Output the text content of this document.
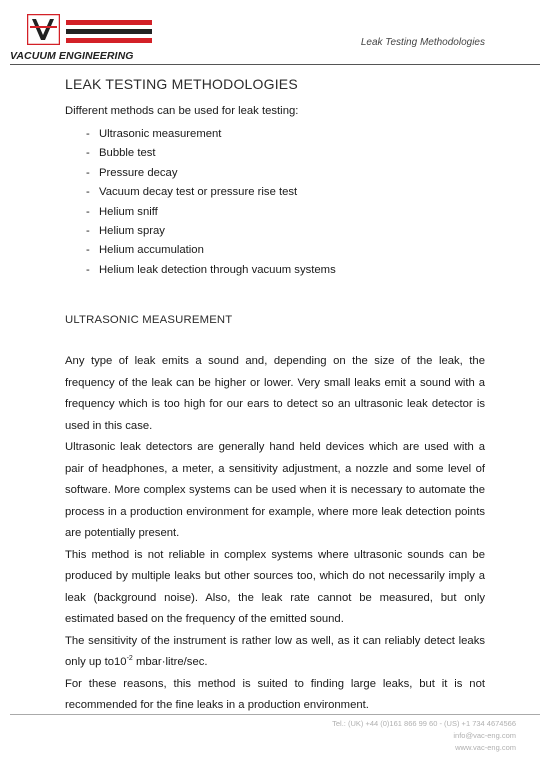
VACUUM ENGINEERING
Leak Testing Methodologies
LEAK TESTING METHODOLOGIES

Different methods can be used for leak testing:

- Ultrasonic measurement
- Bubble test
- Pressure decay
- Vacuum decay test or pressure rise test
- Helium sniff
- Helium spray
- Helium accumulation
- Helium leak detection through vacuum systems
ULTRASONIC MEASUREMENT

Any type of leak emits a sound and, depending on the size of the leak, the frequency of the leak can be higher or lower. Very small leaks emit a sound with a frequency which is too high for our ears to detect so an ultrasonic leak detector is used in this case.

Ultrasonic leak detectors are generally hand held devices which are used with a pair of headphones, a meter, a sensitivity adjustment, a nozzle and some level of software. More complex systems can be used when it is necessary to automate the process in a production environment for example, where more leak detection points are potentially present.

This method is not reliable in complex systems where ultrasonic sounds can be produced by multiple leaks but other sources too, which do not necessarily imply a leak (background noise). Also, the leak rate cannot be measured, but only estimated based on the frequency of the emitted sound.

The sensitivity of the instrument is rather low as well, as it can reliably detect leaks only up $to10^{-2}$ mbar·litre/sec.

For these reasons, this method is suited to finding large leaks, but it is not recommended for the fine leaks in a production environment.

Tel.: (UK) +44 (0)161 866 99 60 - (US) +1 734 4674566
info@vac-eng.com
www.vac-eng.com
